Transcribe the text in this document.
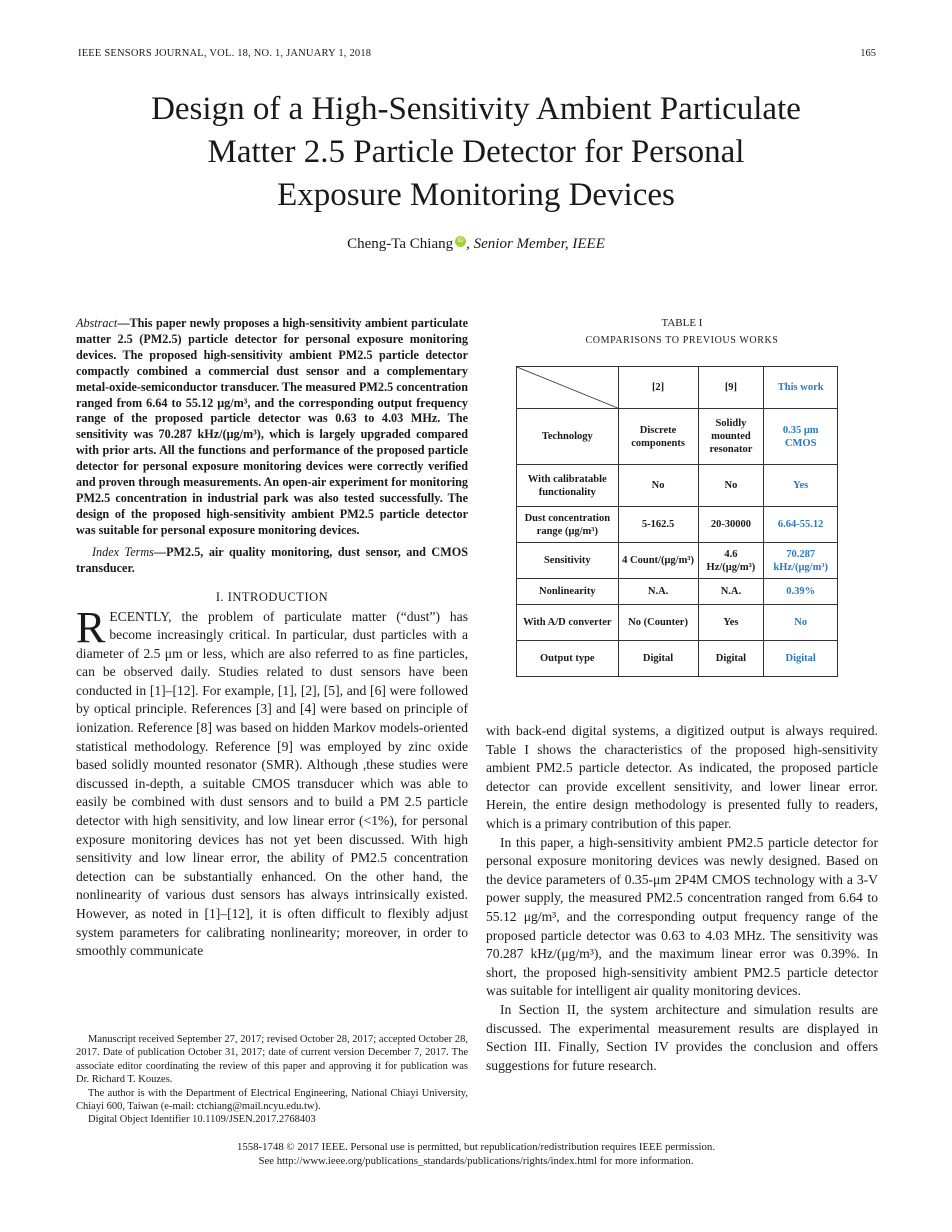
IEEE SENSORS JOURNAL, VOL. 18, NO. 1, JANUARY 1, 2018	165
Design of a High-Sensitivity Ambient Particulate
Matter 2.5 Particle Detector for Personal
Exposure Monitoring Devices
Cheng-Ta Chiang iD , Senior Member, IEEE

Abstract—This paper newly proposes a high-sensitivity ambient particulate matter 2.5 (PM2.5) particle detector for personal exposure monitoring devices. The proposed high-sensitivity ambient PM2.5 particle detector compactly combined a commercial dust sensor and a complementary metal-oxide-semiconductor transducer. The measured PM2.5 concentration ranged from 6.64 to 55.12 μg/m³, and the corresponding output frequency range of the proposed particle detector was 0.63 to 4.03 MHz. The sensitivity was 70.287 kHz/(μg/m³), which is largely upgraded compared with prior arts. All the functions and performance of the proposed particle detector for personal exposure monitoring devices were correctly verified and proven through measurements. An open-air experiment for monitoring PM2.5 concentration in industrial park was also tested successfully. The design of the proposed high-sensitivity ambient PM2.5 particle detector was suitable for personal exposure monitoring devices.

Index Terms—PM2.5, air quality monitoring, dust sensor, and CMOS transducer.

I. INTRODUCTION

RECENTLY, the problem of particulate matter (“dust”) has become increasingly critical. In particular, dust particles with a diameter of 2.5 μm or less, which are also referred to as fine particles, can be observed daily. Studies related to dust sensors have been conducted in [1]–[12]. For example, [1], [2], [5], and [6] were followed by optical principle. References [3] and [4] were based on principle of ionization. Reference [8] was based on hidden Markov models-oriented statistical methodology. Reference [9] was employed by zinc oxide based solidly mounted resonator (SMR). Although ,these studies were discussed in-depth, a suitable CMOS transducer which was able to easily be combined with dust sensors and to build a PM 2.5 particle detector with high sensitivity, and low linear error (<1%), for personal exposure monitoring devices has not yet been discussed. With high sensitivity and low linear error, the ability of PM2.5 concentration detection can be substantially enhanced. On the other hand, the nonlinearity of various dust sensors has always intrinsically existed. However, as noted in [1]–[12], it is often difficult to flexibly adjust system parameters for calibrating nonlinearity; moreover, in order to smoothly communicate

Manuscript received September 27, 2017; revised October 28, 2017; accepted October 28, 2017. Date of publication October 31, 2017; date of current version December 7, 2017. The associate editor coordinating the review of this paper and approving it for publication was Dr. Richard T. Kouzes.

The author is with the Department of Electrical Engineering, National Chiayi University, Chiayi 600, Taiwan (e-mail: ctchiang@mail.ncyu.edu.tw).

Digital Object Identifier 10.1109/JSEN.2017.2768403

TABLE I
COMPARISONS TO PREVIOUS WORKS
	[2]	[9]	This work
Technology	Discrete components	Solidly mounted resonator	0.35 μm CMOS
With calibratable functionality	No	No	Yes
Dust concentration range (μg/m³)	5-162.5	20-30000	6.64-55.12
Sensitivity	4 Count/(μg/m³)	4.6 Hz/(μg/m³)	70.287 kHz/(μg/m³)
Nonlinearity	N.A.	N.A.	0.39%
With A/D converter	No (Counter)	Yes	No
Output type	Digital	Digital	Digital

with back-end digital systems, a digitized output is always required. Table I shows the characteristics of the proposed high-sensitivity ambient PM2.5 particle detector. As indicated, the proposed particle detector can provide excellent sensitivity, and lower linear error. Herein, the entire design methodology is presented fully to readers, which is a primary contribution of this paper.

In this paper, a high-sensitivity ambient PM2.5 particle detector for personal exposure monitoring devices was newly designed. Based on the device parameters of 0.35-μm 2P4M CMOS technology with a 3-V power supply, the measured PM2.5 concentration ranged from 6.64 to 55.12 μg/m³, and the corresponding output frequency range of the proposed particle detector was 0.63 to 4.03 MHz. The sensitivity was 70.287 kHz/(μg/m³), and the maximum linear error was 0.39%. In short, the proposed high-sensitivity ambient PM2.5 particle detector was suitable for intelligent air quality monitoring devices.

In Section II, the system architecture and simulation results are discussed. The experimental measurement results are displayed in Section III. Finally, Section IV provides the conclusion and offers suggestions for future research.

1558-1748 © 2017 IEEE. Personal use is permitted, but republication/redistribution requires IEEE permission.
See http://www.ieee.org/publications_standards/publications/rights/index.html for more information.
